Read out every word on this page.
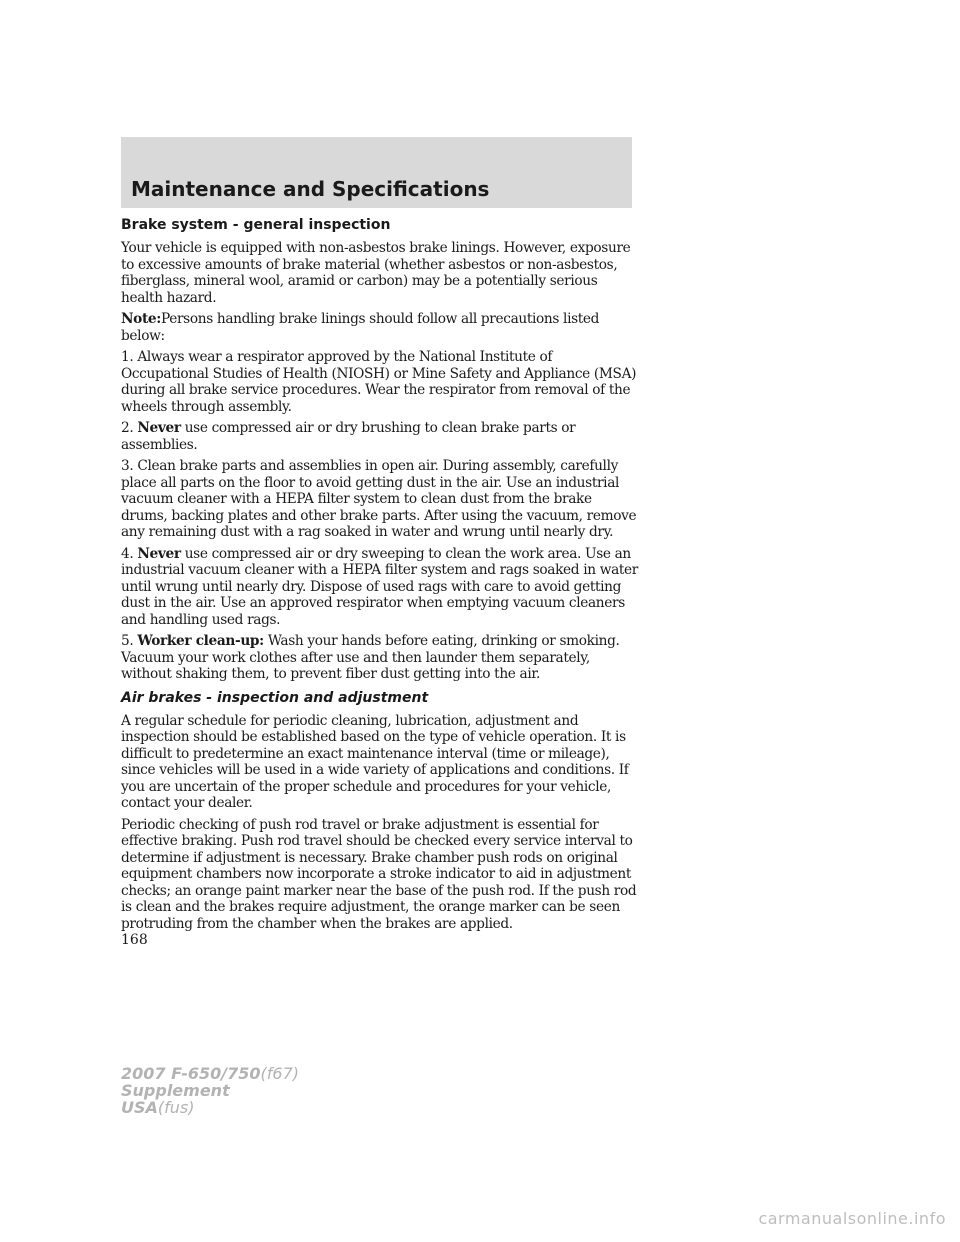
Maintenance and Specifications
Brake system - general inspection

Your vehicle is equipped with non-asbestos brake linings. However, exposure to excessive amounts of brake material (whether asbestos or non-asbestos, fiberglass, mineral wool, aramid or carbon) may be a potentially serious health hazard.

Note:Persons handling brake linings should follow all precautions listed below:

1. Always wear a respirator approved by the National Institute of Occupational Studies of Health (NIOSH) or Mine Safety and Appliance (MSA) during all brake service procedures. Wear the respirator from removal of the wheels through assembly.

2. Never use compressed air or dry brushing to clean brake parts or assemblies.

3. Clean brake parts and assemblies in open air. During assembly, carefully place all parts on the floor to avoid getting dust in the air. Use an industrial vacuum cleaner with a HEPA filter system to clean dust from the brake drums, backing plates and other brake parts. After using the vacuum, remove any remaining dust with a rag soaked in water and wrung until nearly dry.

4. Never use compressed air or dry sweeping to clean the work area. Use an industrial vacuum cleaner with a HEPA filter system and rags soaked in water until wrung until nearly dry. Dispose of used rags with care to avoid getting dust in the air. Use an approved respirator when emptying vacuum cleaners and handling used rags.

5. Worker clean-up: Wash your hands before eating, drinking or smoking. Vacuum your work clothes after use and then launder them separately, without shaking them, to prevent fiber dust getting into the air.

Air brakes - inspection and adjustment

A regular schedule for periodic cleaning, lubrication, adjustment and inspection should be established based on the type of vehicle operation. It is difficult to predetermine an exact maintenance interval (time or mileage), since vehicles will be used in a wide variety of applications and conditions. If you are uncertain of the proper schedule and procedures for your vehicle, contact your dealer.

Periodic checking of push rod travel or brake adjustment is essential for effective braking. Push rod travel should be checked every service interval to determine if adjustment is necessary. Brake chamber push rods on original equipment chambers now incorporate a stroke indicator to aid in adjustment checks; an orange paint marker near the base of the push rod. If the push rod is clean and the brakes require adjustment, the orange marker can be seen protruding from the chamber when the brakes are applied.

168
2007 F-650/750(f67)
Supplement
USA(fus)
carmanualsonline.info
